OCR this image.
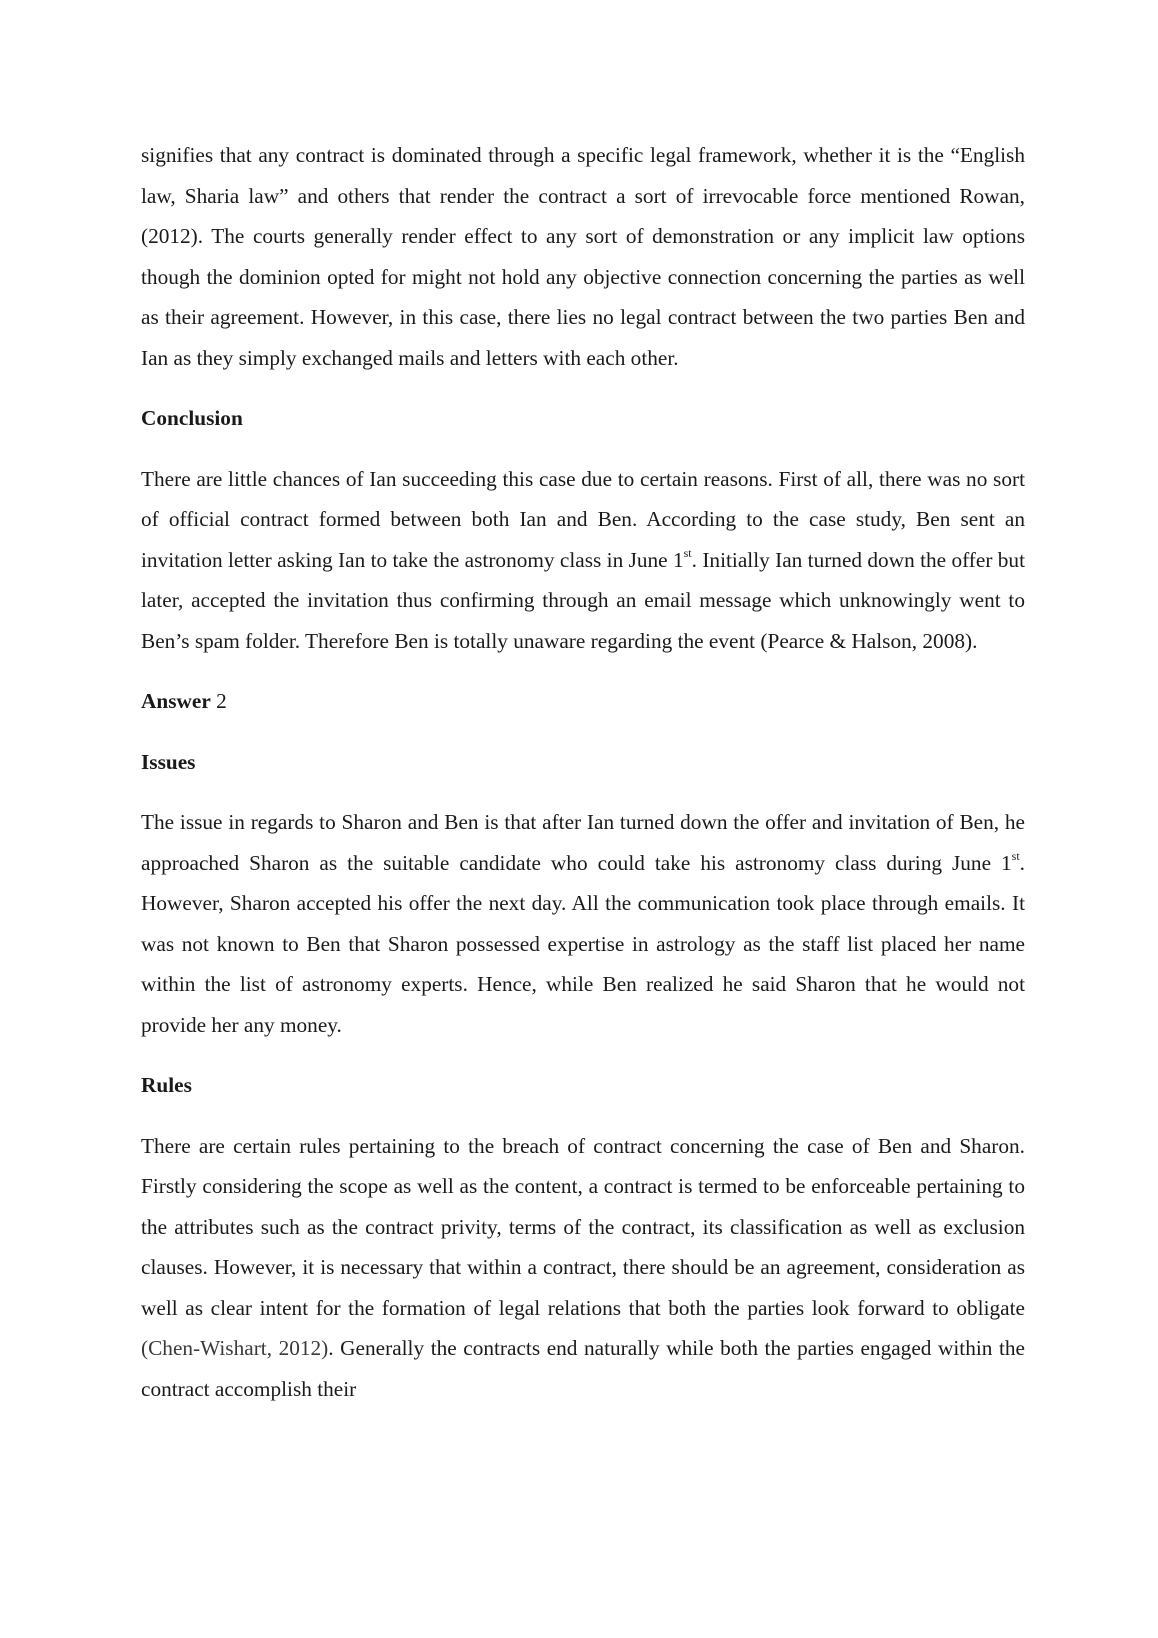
signifies that any contract is dominated through a specific legal framework, whether it is the “English law, Sharia law” and others that render the contract a sort of irrevocable force mentioned Rowan, (2012). The courts generally render effect to any sort of demonstration or any implicit law options though the dominion opted for might not hold any objective connection concerning the parties as well as their agreement. However, in this case, there lies no legal contract between the two parties Ben and Ian as they simply exchanged mails and letters with each other.

Conclusion

There are little chances of Ian succeeding this case due to certain reasons. First of all, there was no sort of official contract formed between both Ian and Ben. According to the case study, Ben sent an invitation letter asking Ian to take the astronomy class in June 1st. Initially Ian turned down the offer but later, accepted the invitation thus confirming through an email message which unknowingly went to Ben’s spam folder. Therefore Ben is totally unaware regarding the event (Pearce & Halson, 2008).

Answer 2

Issues

The issue in regards to Sharon and Ben is that after Ian turned down the offer and invitation of Ben, he approached Sharon as the suitable candidate who could take his astronomy class during June 1st. However, Sharon accepted his offer the next day. All the communication took place through emails. It was not known to Ben that Sharon possessed expertise in astrology as the staff list placed her name within the list of astronomy experts. Hence, while Ben realized he said Sharon that he would not provide her any money.

Rules

There are certain rules pertaining to the breach of contract concerning the case of Ben and Sharon. Firstly considering the scope as well as the content, a contract is termed to be enforceable pertaining to the attributes such as the contract privity, terms of the contract, its classification as well as exclusion clauses. However, it is necessary that within a contract, there should be an agreement, consideration as well as clear intent for the formation of legal relations that both the parties look forward to obligate (Chen-Wishart, 2012). Generally the contracts end naturally while both the parties engaged within the contract accomplish their
